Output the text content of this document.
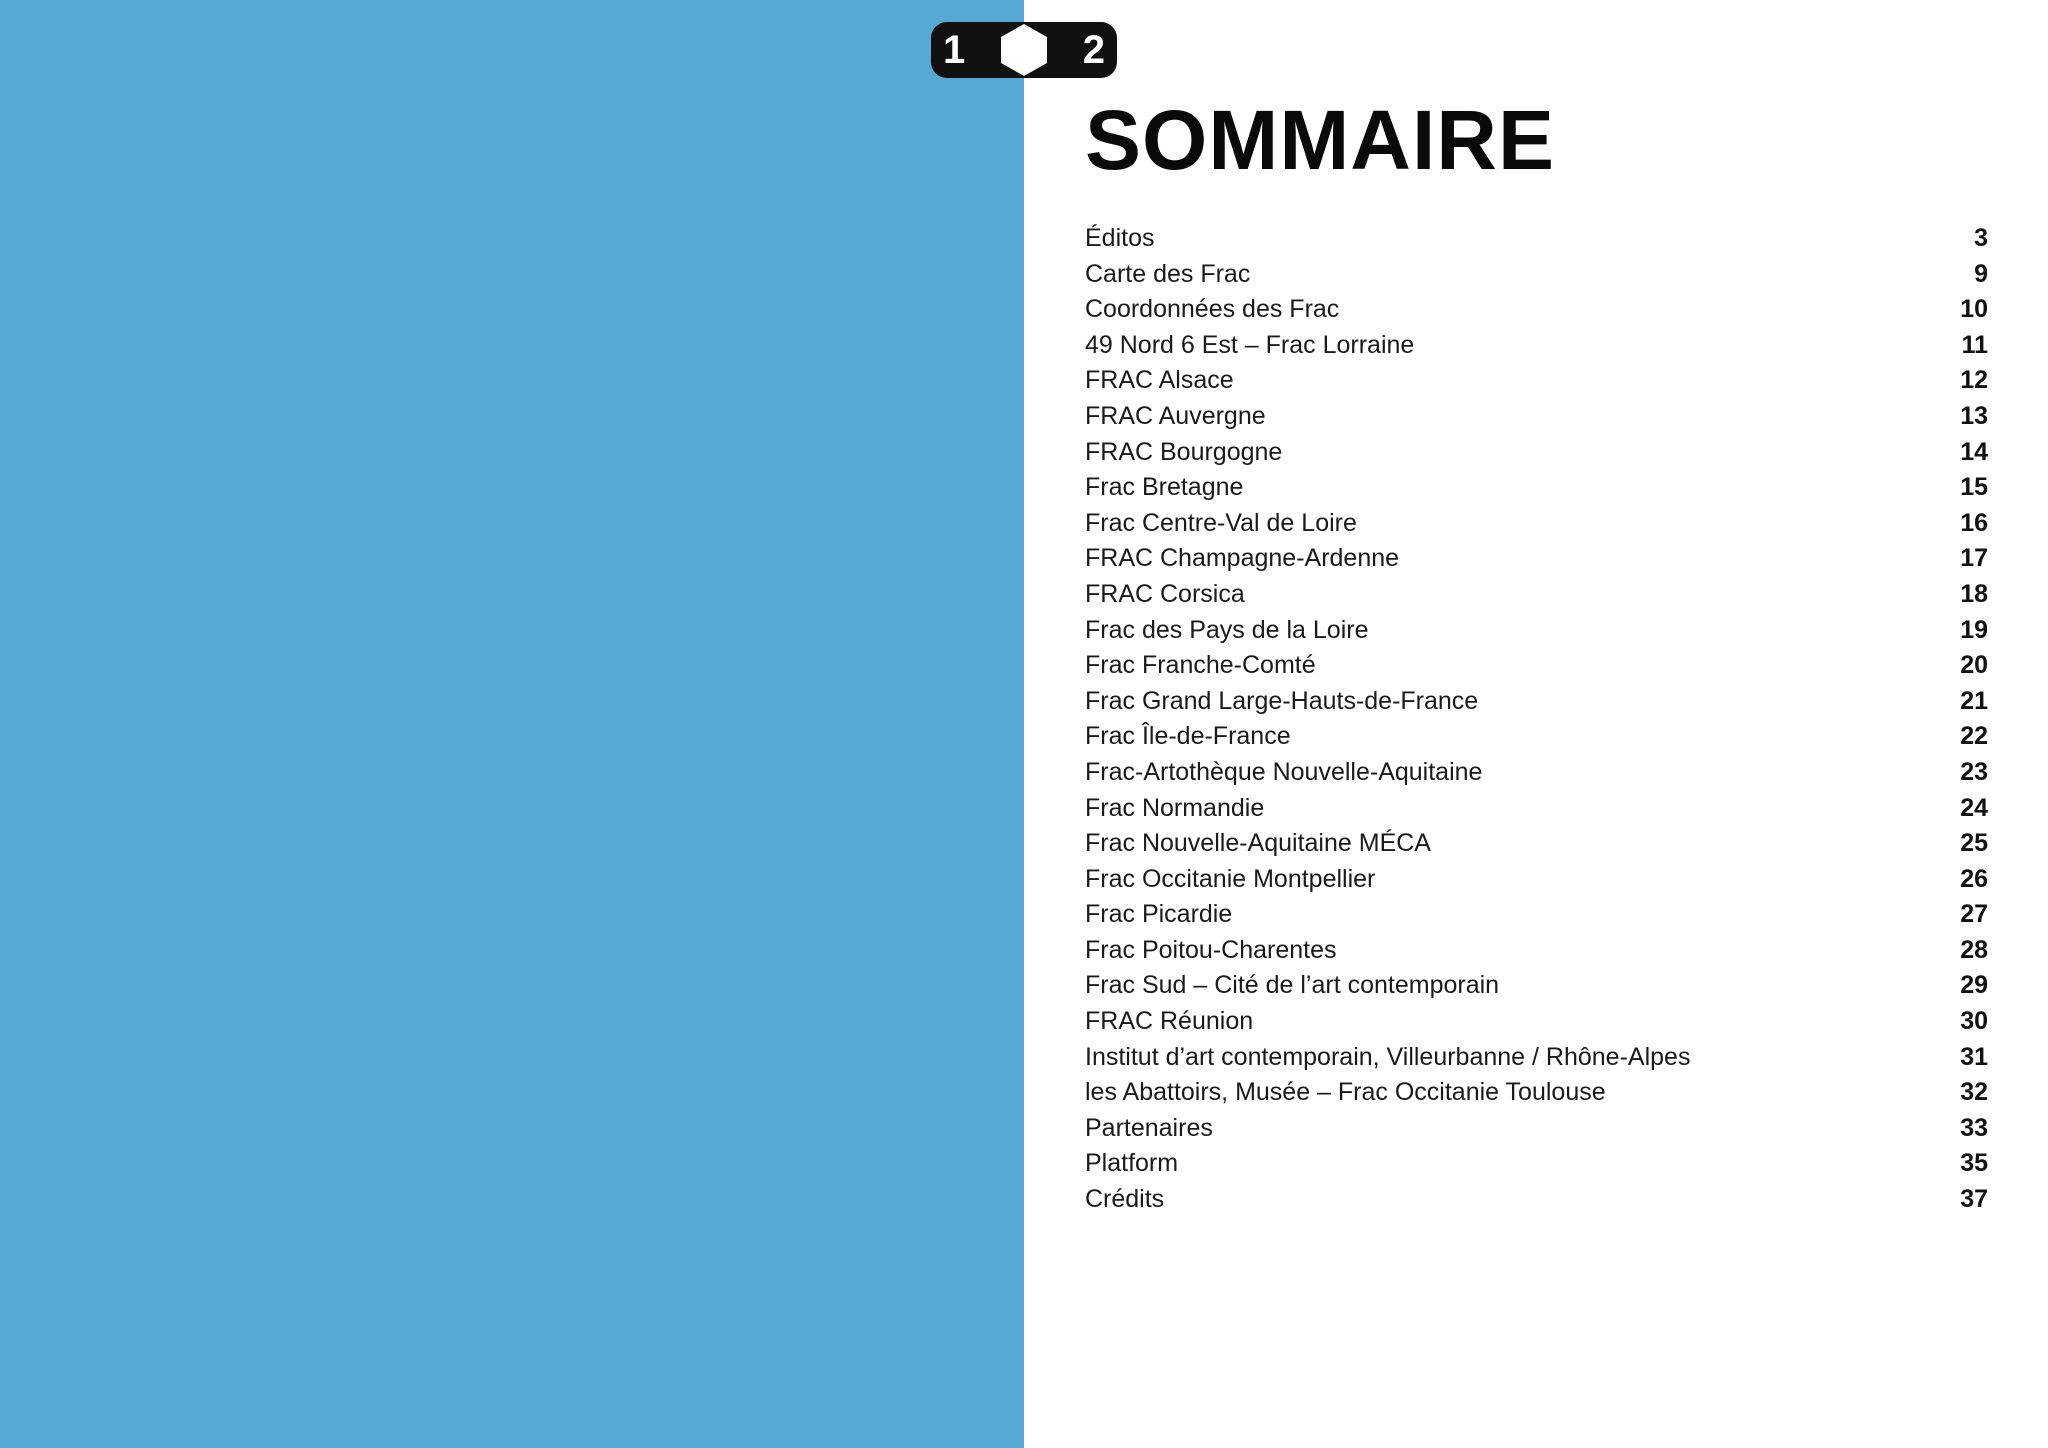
1	2
SOMMAIRE
Éditos	3
Carte des Frac	9
Coordonnées des Frac	10
49 Nord 6 Est – Frac Lorraine	11
FRAC Alsace	12
FRAC Auvergne	13
FRAC Bourgogne	14
Frac Bretagne	15
Frac Centre-Val de Loire	16
FRAC Champagne-Ardenne	17
FRAC Corsica	18
Frac des Pays de la Loire	19
Frac Franche-Comté	20
Frac Grand Large-Hauts-de-France	21
Frac Île-de-France	22
Frac-Artothèque Nouvelle-Aquitaine	23
Frac Normandie	24
Frac Nouvelle-Aquitaine MÉCA	25
Frac Occitanie Montpellier	26
Frac Picardie	27
Frac Poitou-Charentes	28
Frac Sud – Cité de l’art contemporain	29
FRAC Réunion	30
Institut d’art contemporain, Villeurbanne / Rhône-Alpes	31
les Abattoirs, Musée – Frac Occitanie Toulouse	32
Partenaires	33
Platform	35
Crédits	37
